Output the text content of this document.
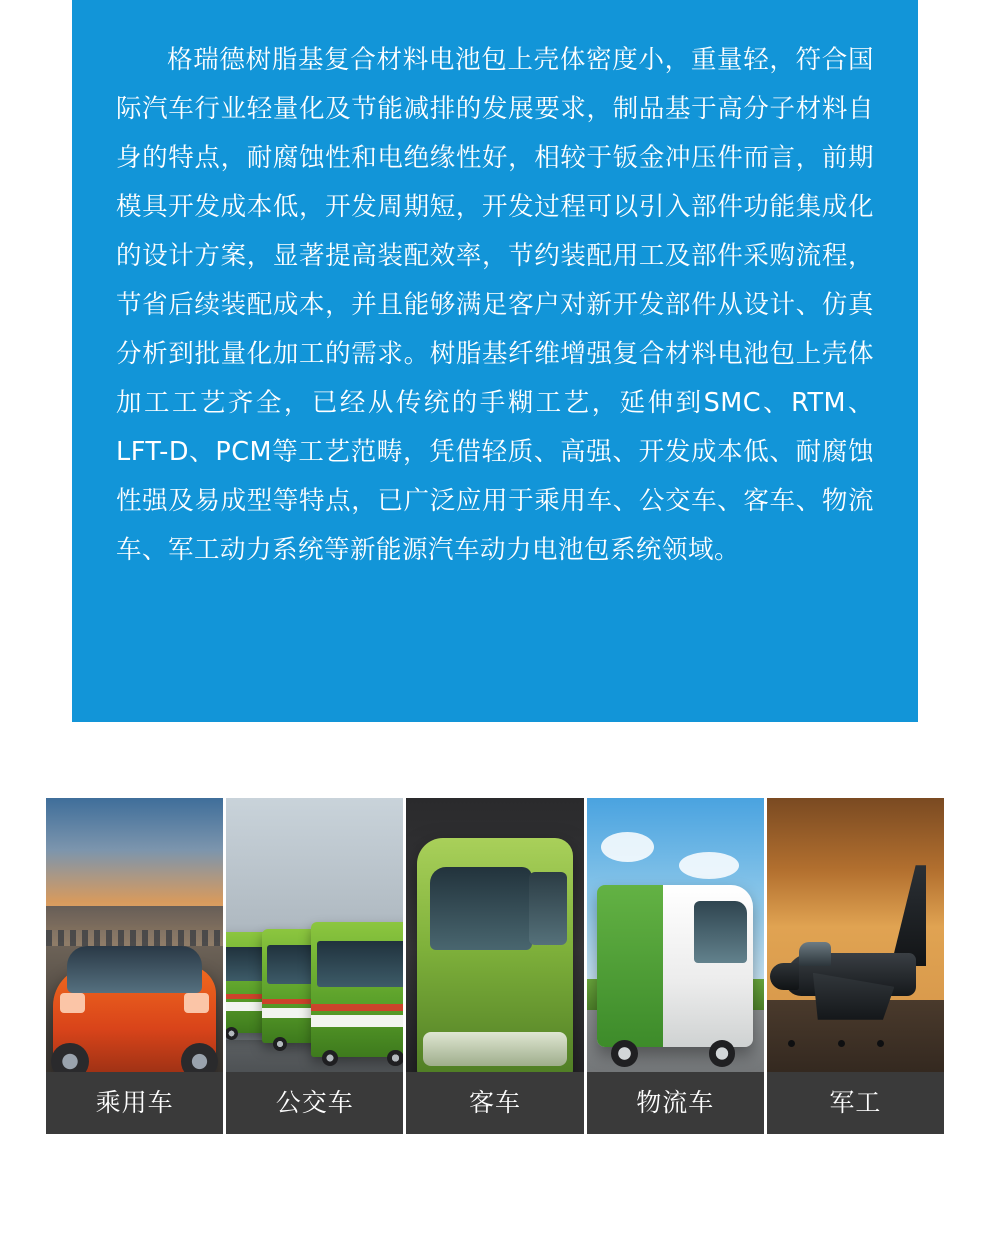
格瑞德树脂基复合材料电池包上壳体密度小，重量轻，符合国际汽车行业轻量化及节能减排的发展要求，制品基于高分子材料自身的特点，耐腐蚀性和电绝缘性好，相较于钣金冲压件而言，前期模具开发成本低，开发周期短，开发过程可以引入部件功能集成化的设计方案，显著提高装配效率，节约装配用工及部件采购流程，节省后续装配成本，并且能够满足客户对新开发部件从设计、仿真分析到批量化加工的需求。树脂基纤维增强复合材料电池包上壳体加工工艺齐全，已经从传统的手糊工艺，延伸到SMC、RTM、LFT-D、PCM等工艺范畴，凭借轻质、高强、开发成本低、耐腐蚀性强及易成型等特点，已广泛应用于乘用车、公交车、客车、物流车、军工动力系统等新能源汽车动力电池包系统领域。

乘用车	公交车	客车	物流车	军工
